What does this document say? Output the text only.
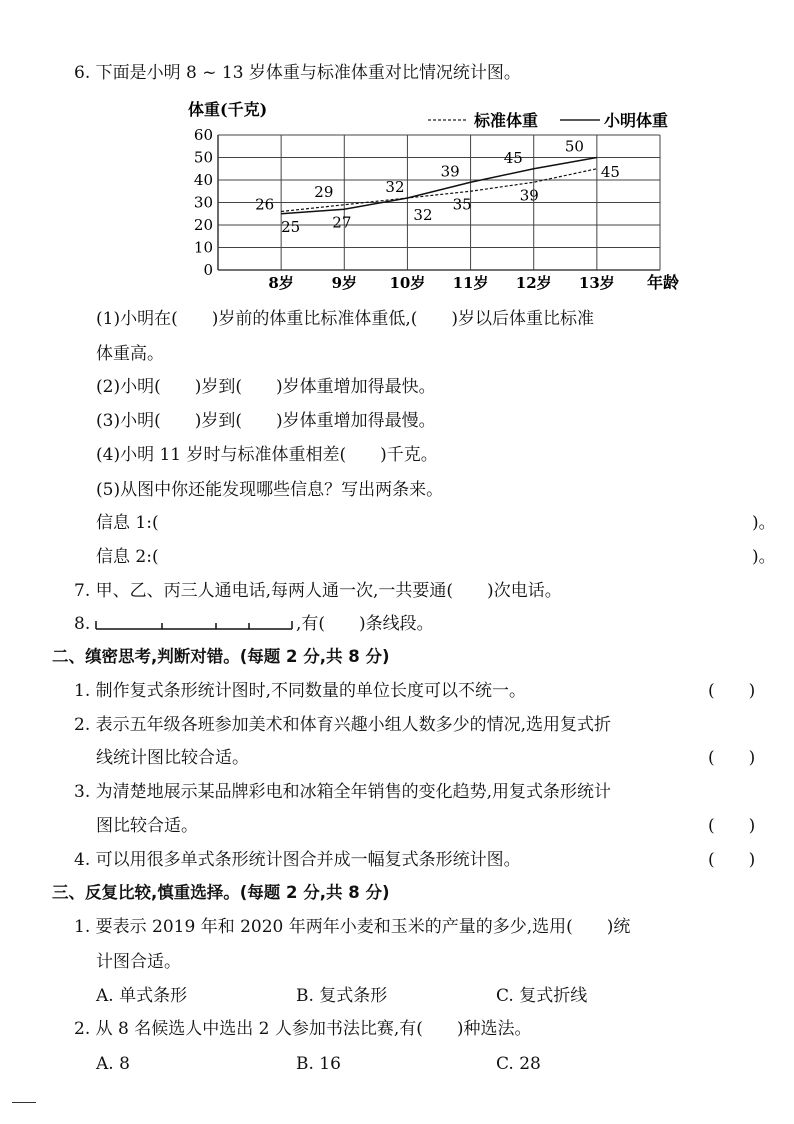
6. 下面是小明 8 ~ 13 岁体重与标准体重对比情况统计图。
体重(千克)
0
10
20
30
40
50
60
8岁	9岁 10岁 11岁 12岁 13岁 年龄
标准体重	小明体重
26
29	32
35	39
45
25 27	32
39
45
50
(1)小明在(　　)岁前的体重比标准体重低,(　　)岁以后体重比标准
体重高。
(2)小明(　　)岁到(　　)岁体重增加得最快。
(3)小明(　　)岁到(　　)岁体重增加得最慢。
(4)小明 11 岁时与标准体重相差(　　)千克。
(5)从图中你还能发现哪些信息？写出两条来。
信息 1:(	)。
信息 2:(	)。
7. 甲、乙、丙三人通电话,每两人通一次,一共要通(　　)次电话。
8.	,有(　　)条线段。
二、缜密思考,判断对错。(每题 2 分,共 8 分)
1. 制作复式条形统计图时,不同数量的单位长度可以不统一。	(　　)
2. 表示五年级各班参加美术和体育兴趣小组人数多少的情况,选用复式折
线统计图比较合适。	(　　)
3. 为清楚地展示某品牌彩电和冰箱全年销售的变化趋势,用复式条形统计
图比较合适。	(　　)
4. 可以用很多单式条形统计图合并成一幅复式条形统计图。	(　　)
三、反复比较,慎重选择。(每题 2 分,共 8 分)
1. 要表示 2019 年和 2020 年两年小麦和玉米的产量的多少,选用(　　)统
计图合适。
A. 单式条形	B. 复式条形	C. 复式折线
2. 从 8 名候选人中选出 2 人参加书法比赛,有(　　)种选法。
A. 8	B. 16	C. 28
